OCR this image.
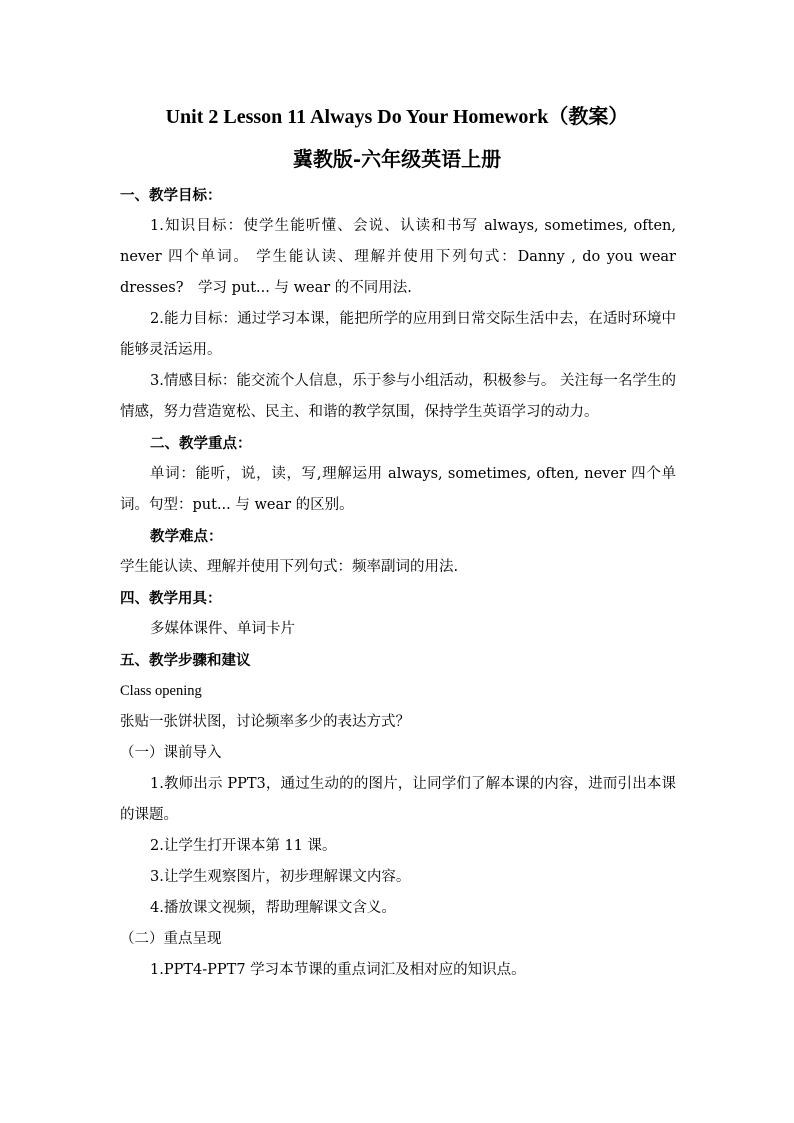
Unit 2 Lesson 11 Always Do Your Homework（教案）
冀教版-六年级英语上册

一、教学目标：

1.知识目标：使学生能听懂、会说、认读和书写 always, sometimes, often, never 四个单词。 学生能认读、理解并使用下列句式：Danny , do you wear dresses?　学习 put... 与 wear 的不同用法.

2.能力目标：通过学习本课，能把所学的应用到日常交际生活中去，在适时环境中能够灵活运用。

3.情感目标：能交流个人信息，乐于参与小组活动，积极参与。 关注每一名学生的情感，努力营造宽松、民主、和谐的教学氛围，保持学生英语学习的动力。

二、教学重点：

单词：能听，说，读，写,理解运用 always, sometimes, often, never 四个单词。句型：put... 与 wear 的区别。

教学难点：

学生能认读、理解并使用下列句式：频率副词的用法.

四、教学用具：

多媒体课件、单词卡片

五、教学步骤和建议

Class opening

张贴一张饼状图，讨论频率多少的表达方式？

（一）课前导入

1.教师出示 PPT3，通过生动的的图片，让同学们了解本课的内容，进而引出本课的课题。

2.让学生打开课本第 11 课。

3.让学生观察图片，初步理解课文内容。

4.播放课文视频，帮助理解课文含义。

（二）重点呈现

1.PPT4-PPT7 学习本节课的重点词汇及相对应的知识点。
